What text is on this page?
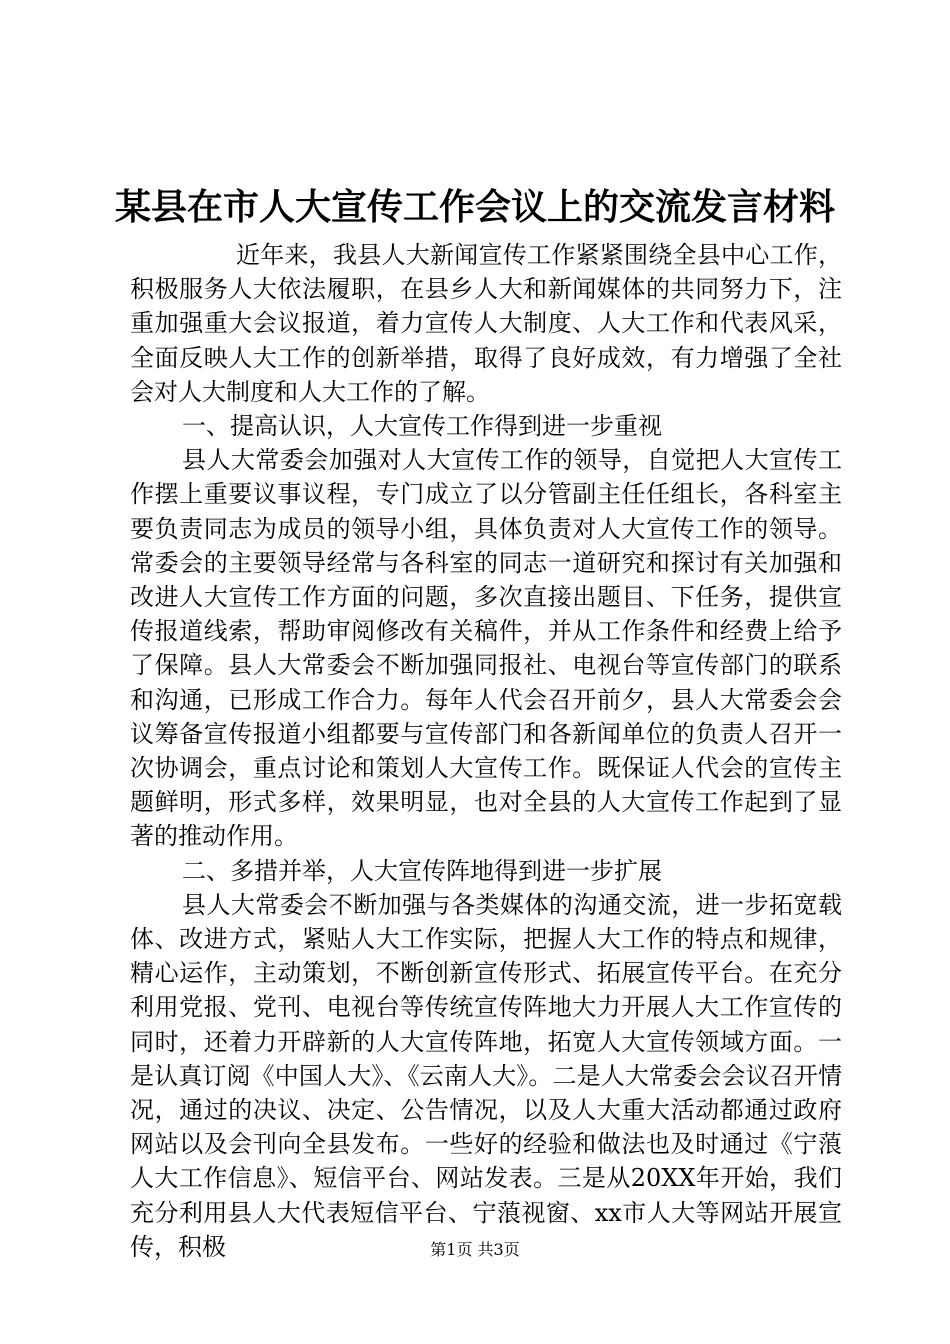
某县在市人大宣传工作会议上的交流发言材料

近年来，我县人大新闻宣传工作紧紧围绕全县中心工作，积极服务人大依法履职，在县乡人大和新闻媒体的共同努力下，注重加强重大会议报道，着力宣传人大制度、人大工作和代表风采，全面反映人大工作的创新举措，取得了良好成效，有力增强了全社会对人大制度和人大工作的了解。

一、提高认识，人大宣传工作得到进一步重视

县人大常委会加强对人大宣传工作的领导，自觉把人大宣传工作摆上重要议事议程，专门成立了以分管副主任任组长，各科室主要负责同志为成员的领导小组，具体负责对人大宣传工作的领导。常委会的主要领导经常与各科室的同志一道研究和探讨有关加强和改进人大宣传工作方面的问题，多次直接出题目、下任务，提供宣传报道线索，帮助审阅修改有关稿件，并从工作条件和经费上给予了保障。县人大常委会不断加强同报社、电视台等宣传部门的联系和沟通，已形成工作合力。每年人代会召开前夕，县人大常委会会议筹备宣传报道小组都要与宣传部门和各新闻单位的负责人召开一次协调会，重点讨论和策划人大宣传工作。既保证人代会的宣传主题鲜明，形式多样，效果明显，也对全县的人大宣传工作起到了显著的推动作用。

二、多措并举，人大宣传阵地得到进一步扩展

县人大常委会不断加强与各类媒体的沟通交流，进一步拓宽载体、改进方式，紧贴人大工作实际，把握人大工作的特点和规律，精心运作，主动策划，不断创新宣传形式、拓展宣传平台。在充分利用党报、党刊、电视台等传统宣传阵地大力开展人大工作宣传的同时，还着力开辟新的人大宣传阵地，拓宽人大宣传领域方面。一是认真订阅《中国人大》、《云南人大》。二是人大常委会会议召开情况，通过的决议、决定、公告情况，以及人大重大活动都通过政府网站以及会刊向全县发布。一些好的经验和做法也及时通过《宁蒗人大工作信息》、短信平台、网站发表。三是从20XX年开始，我们充分利用县人大代表短信平台、宁蒗视窗、xx市人大等网站开展宣传，积极	第1页 共3页
